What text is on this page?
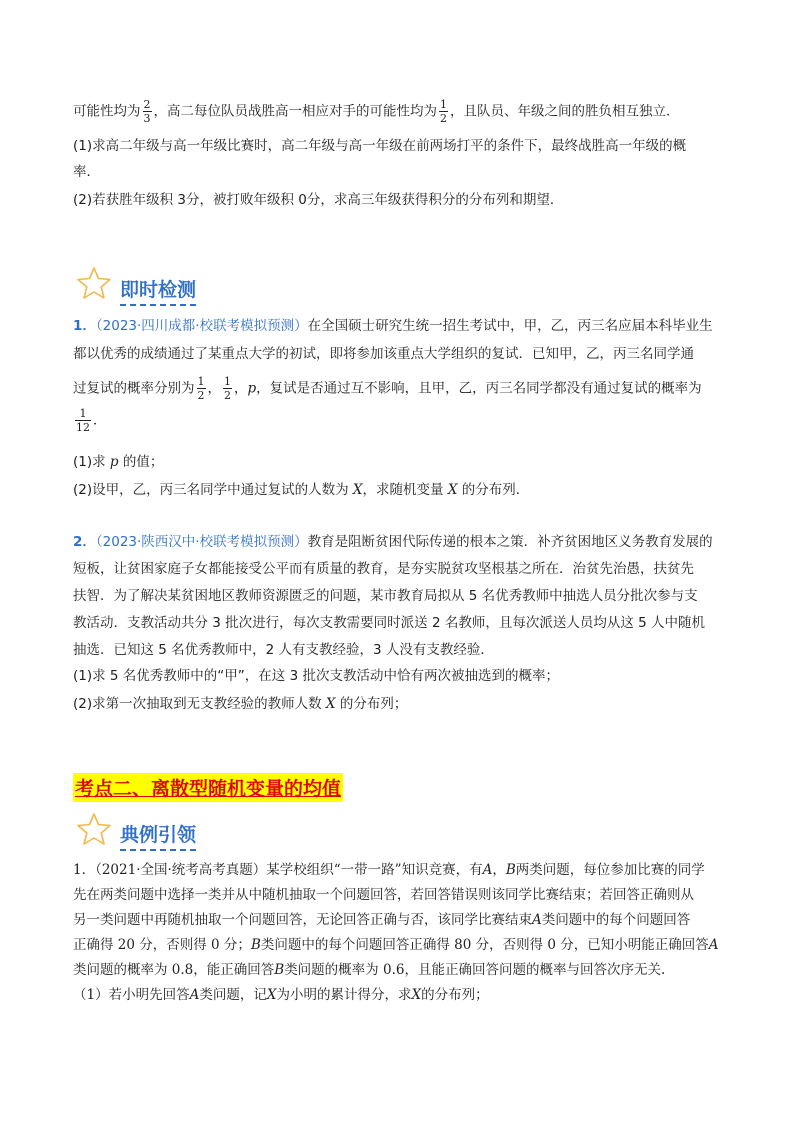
可能性均为 $\frac{2}{3}$ ，高二每位队员战胜高一相应对手的可能性均为 $\frac{1}{2}$ ，且队员、年级之间的胜负相互独立．
(1)求高二年级与高一年级比赛时，高二年级与高一年级在前两场打平的条件下，最终战胜高一年级的概
率．
(2)若获胜年级积 3分，被打败年级积 0分，求高三年级获得积分的分布列和期望．
即时检测
1．（2023·四川成都·校联考模拟预测）在全国硕士研究生统一招生考试中，甲，乙，丙三名应届本科毕业生
都以优秀的成绩通过了某重点大学的初试，即将参加该重点大学组织的复试．已知甲，乙，丙三名同学通
过复试的概率分别为 $\frac{1}{2}$ ， $\frac{1}{2}$ ，p，复试是否通过互不影响，且甲，乙，丙三名同学都没有通过复试的概率为
$\frac{1}{12}$ ．
(1)求 p 的值；
(2)设甲，乙，丙三名同学中通过复试的人数为 X，求随机变量 X 的分布列．
2．（2023·陕西汉中·校联考模拟预测）教育是阻断贫困代际传递的根本之策．补齐贫困地区义务教育发展的
短板，让贫困家庭子女都能接受公平而有质量的教育，是夯实脱贫攻坚根基之所在．治贫先治愚，扶贫先
扶智．为了解决某贫困地区教师资源匮乏的问题，某市教育局拟从 5 名优秀教师中抽选人员分批次参与支
教活动．支教活动共分 3 批次进行，每次支教需要同时派送 2 名教师，且每次派送人员均从这 5 人中随机
抽选．已知这 5 名优秀教师中，2 人有支教经验，3 人没有支教经验．
(1)求 5 名优秀教师中的“甲”，在这 3 批次支教活动中恰有两次被抽选到的概率；
(2)求第一次抽取到无支教经验的教师人数 X 的分布列；
考点二、离散型随机变量的均值
典例引领
1．（2021·全国·统考高考真题）某学校组织“一带一路”知识竞赛，有A，B两类问题，每位参加比赛的同学
先在两类问题中选择一类并从中随机抽取一个问题回答，若回答错误则该同学比赛结束；若回答正确则从
另一类问题中再随机抽取一个问题回答，无论回答正确与否，该同学比赛结束A类问题中的每个问题回答
正确得 20 分，否则得 0 分；B类问题中的每个问题回答正确得 80 分，否则得 0 分，已知小明能正确回答A
类问题的概率为 0.8，能正确回答B类问题的概率为 0.6，且能正确回答问题的概率与回答次序无关.
（1）若小明先回答A类问题，记X为小明的累计得分，求X的分布列；
